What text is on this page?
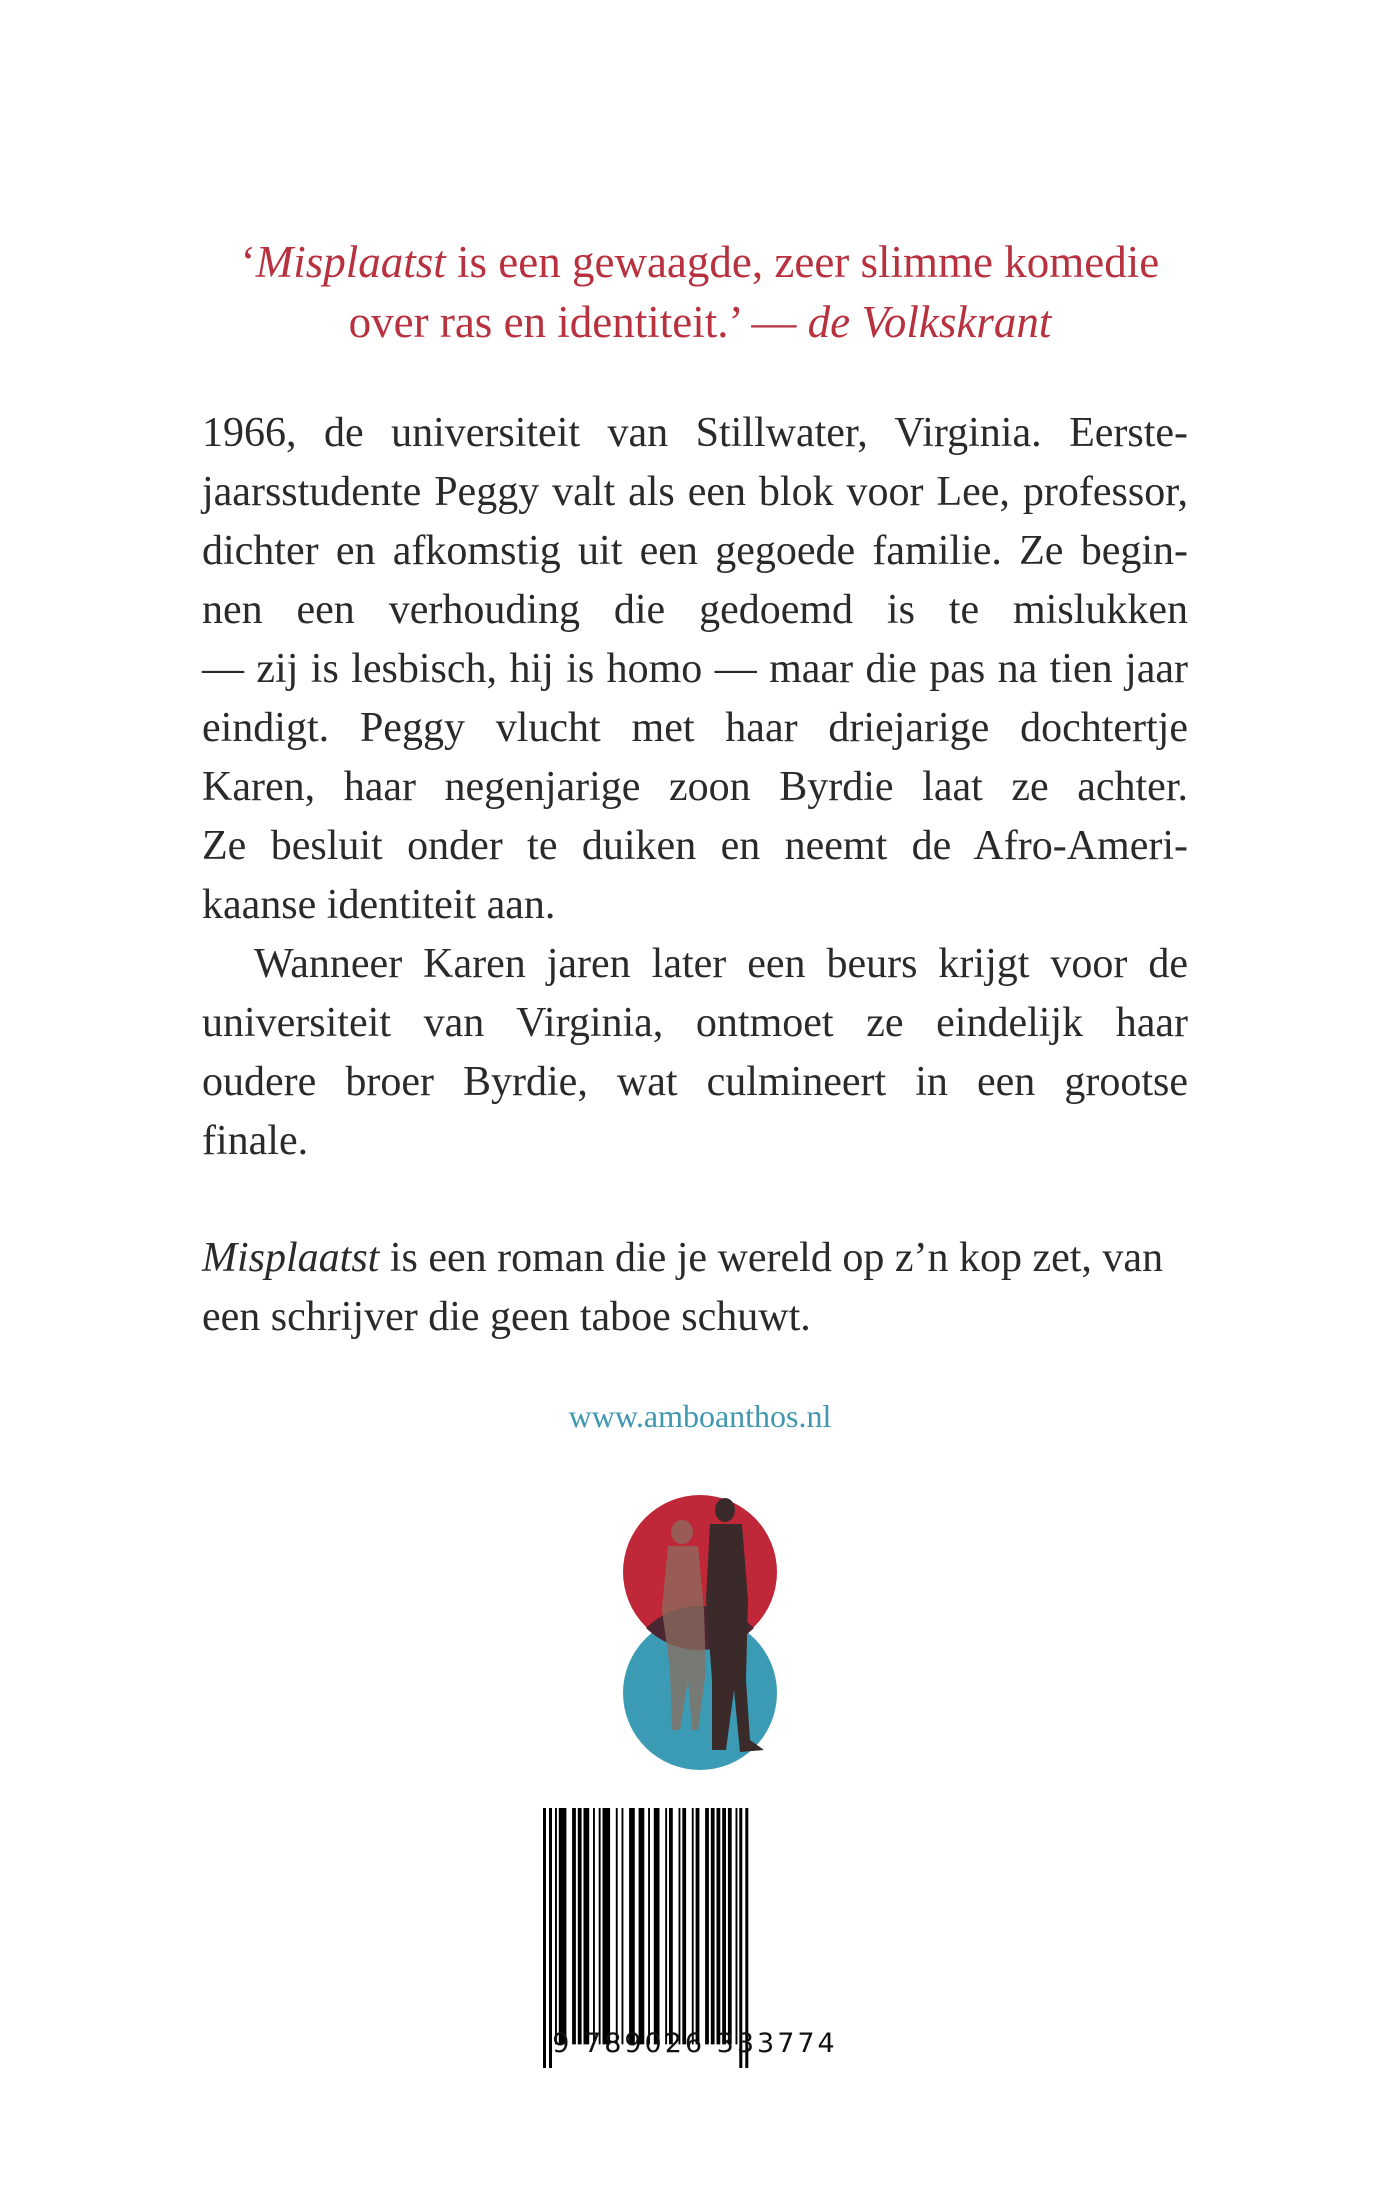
‘Misplaatst is een gewaagde, zeer slimme komedie
over ras en identiteit.’ — de Volkskrant

1966, de universiteit van Stillwater, Virginia. Eerste-
jaarsstudente Peggy valt als een blok voor Lee, professor,
dichter en afkomstig uit een gegoede familie. Ze begin-
nen een verhouding die gedoemd is te mislukken
— zij is lesbisch, hij is homo — maar die pas na tien jaar
eindigt. Peggy vlucht met haar driejarige dochtertje
Karen, haar negenjarige zoon Byrdie laat ze achter.
Ze besluit onder te duiken en neemt de Afro-Ameri-
kaanse identiteit aan.

Wanneer Karen jaren later een beurs krijgt voor de
universiteit van Virginia, ontmoet ze eindelijk haar
oudere broer Byrdie, wat culmineert in een grootse
finale.

Misplaatst is een roman die je wereld op z’n kop zet, van
een schrijver die geen taboe schuwt.
www.amboanthos.nl
9 789026 333774
